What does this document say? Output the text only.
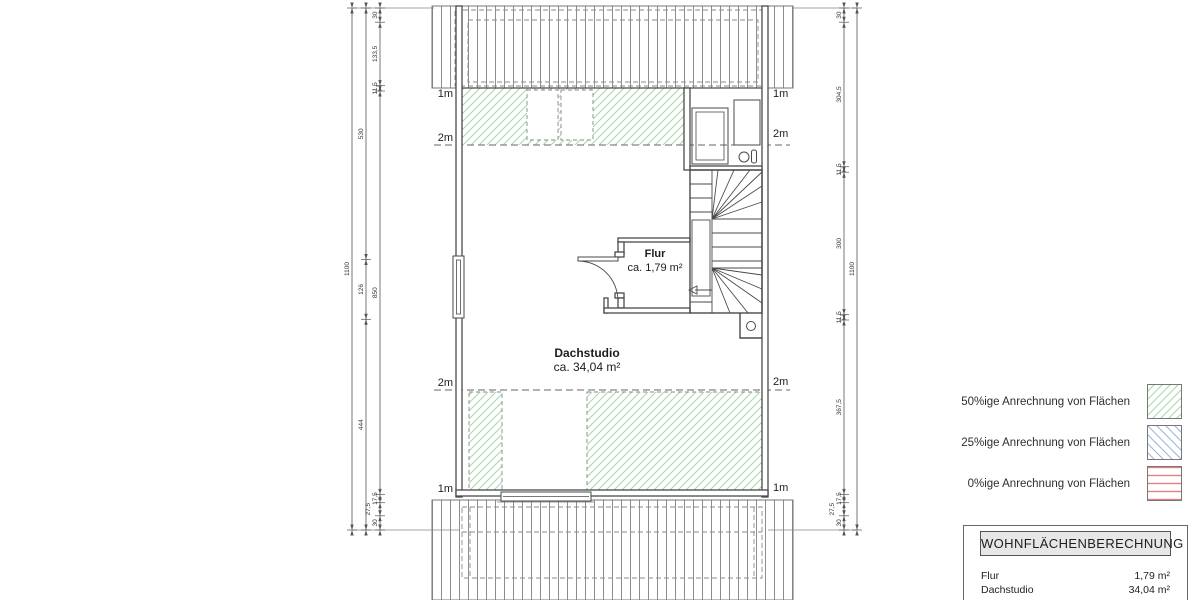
1100
530
126
444
30
133,5
11,5
850
17,5
27,5
30
30
304,5
11,5
300
11,5
367,5
17,5
27,5
30
1100
1m
2m
2m
1m
1m
2m
2m
1m
Flur
ca. 1,79 m²
Dachstudio
ca. 34,04 m²
50%ige Anrechnung von Flächen
25%ige Anrechnung von Flächen
0%ige Anrechnung von Flächen
WOHNFLÄCHENBERECHNUNG
Flur	1,79 m²
Dachstudio	34,04 m²
